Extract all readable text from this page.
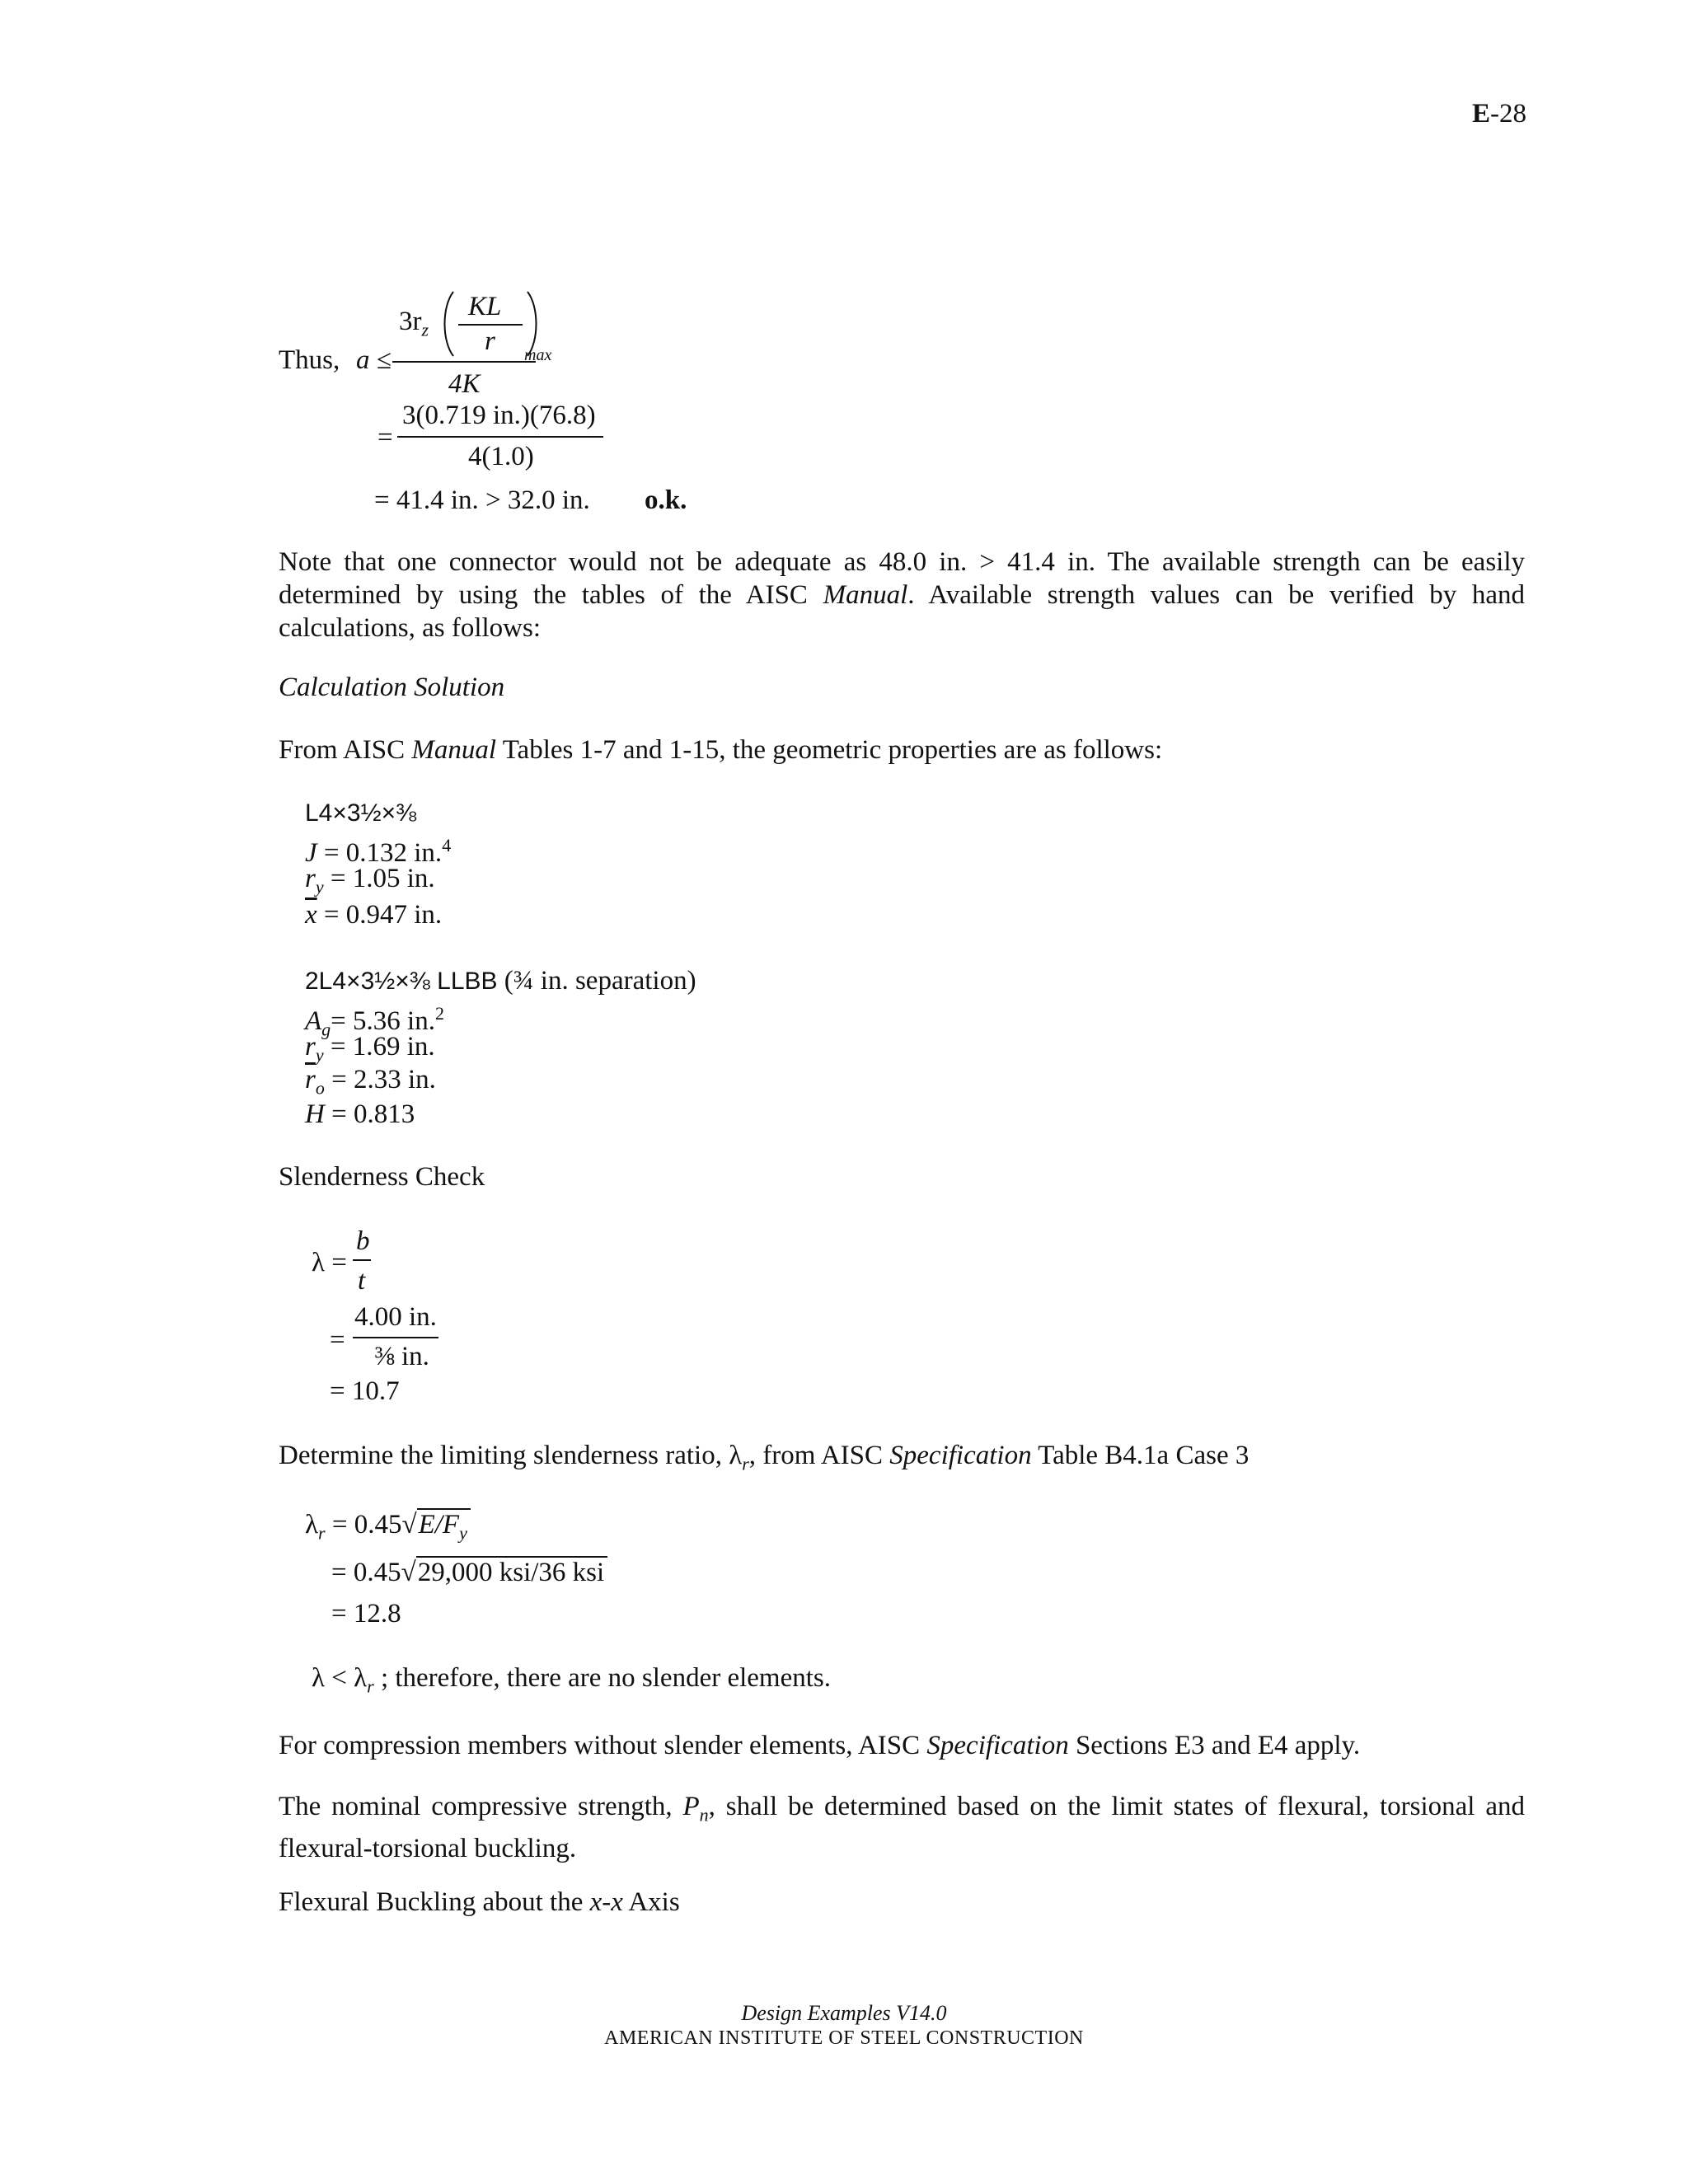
E-28
Thus, a ≤
$3r_z$
KL
r max
4K
=
3(0.719 in.)(76.8)
4(1.0)
= 41.4 in. > 32.0 in. o.k.
Note that one connector would not be adequate as 48.0 in. > 41.4 in. The available strength can be easily determined by using the tables of the AISC Manual. Available strength values can be verified by hand calculations, as follows:
Calculation Solution
From AISC Manual Tables 1-7 and 1-15, the geometric properties are as follows:
L4×3½×⅜
J = 0.132 in.$^4$
$r_y = 1.05$ in.
$\overline{x} = 0.947$ in.
2L4×3½×⅜ LLBB (¾ in. separation)
$A_g= 5.36$ in.$^2$
$r_y = 1.69$ in.
$\overline{r}_o = 2.33$ in.
H = 0.813
Slenderness Check
λ =
b
t
=
4.00 in.
⅜ in.
= 10.7
Determine the limiting slenderness ratio, $\lambda_r$, from AISC Specification Table B4.1a Case 3
$\lambda_r = 0.45√E/F_y$
= 0.45√29,000 ksi/36 ksi
= 12.8
$\lambda < \lambda_r$ ; therefore, there are no slender elements.
For compression members without slender elements, AISC Specification Sections E3 and E4 apply.
The nominal compressive strength, $P_n$, shall be determined based on the limit states of flexural, torsional and flexural-torsional buckling.
Flexural Buckling about the x-x Axis
Design Examples V14.0
AMERICAN INSTITUTE OF STEEL CONSTRUCTION
